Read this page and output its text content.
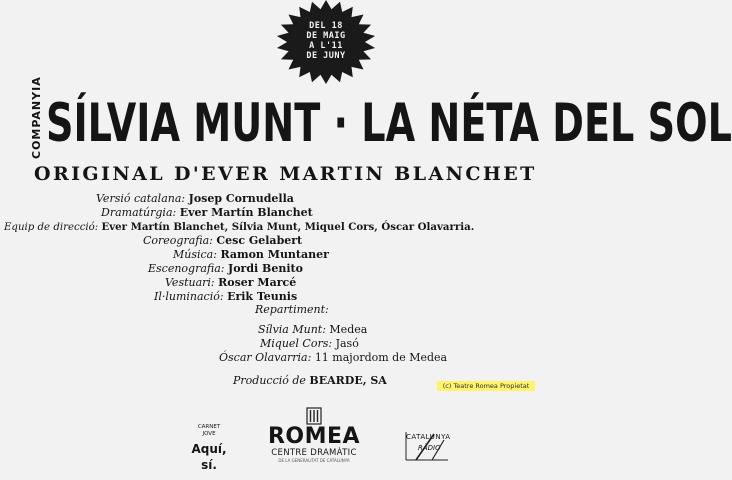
DEL 18
DE MAIG
A L'11
DE JUNY
COMPANYIA SÍLVIA MUNT · LA NÉTA DEL SOL
ORIGINAL D'EVER MARTIN BLANCHET
Versió catalana: Josep Cornudella
Dramatúrgia: Ever Martín Blanchet
Equip de direcció: Ever Martín Blanchet, Sílvia Munt, Miquel Cors, Óscar Olavarria.
Coreografia: Cesc Gelabert
Música: Ramon Muntaner
Escenografia: Jordi Benito
Vestuari: Roser Marcé
Il·luminació: Erik Teunis
Repartiment:
Sílvia Munt: Medea
Miquel Cors: Jasó
Óscar Olavarria: 11 majordom de Medea
Producció de BEARDE, SA	(c) Teatre Romea Propietat
CARNET
JOVE
Aquí, sí.
ROMEA
CENTRE DRAMÀTIC
DE LA GENERALITAT DE CATALUNYA
CATALUNYA
RÀDIO
